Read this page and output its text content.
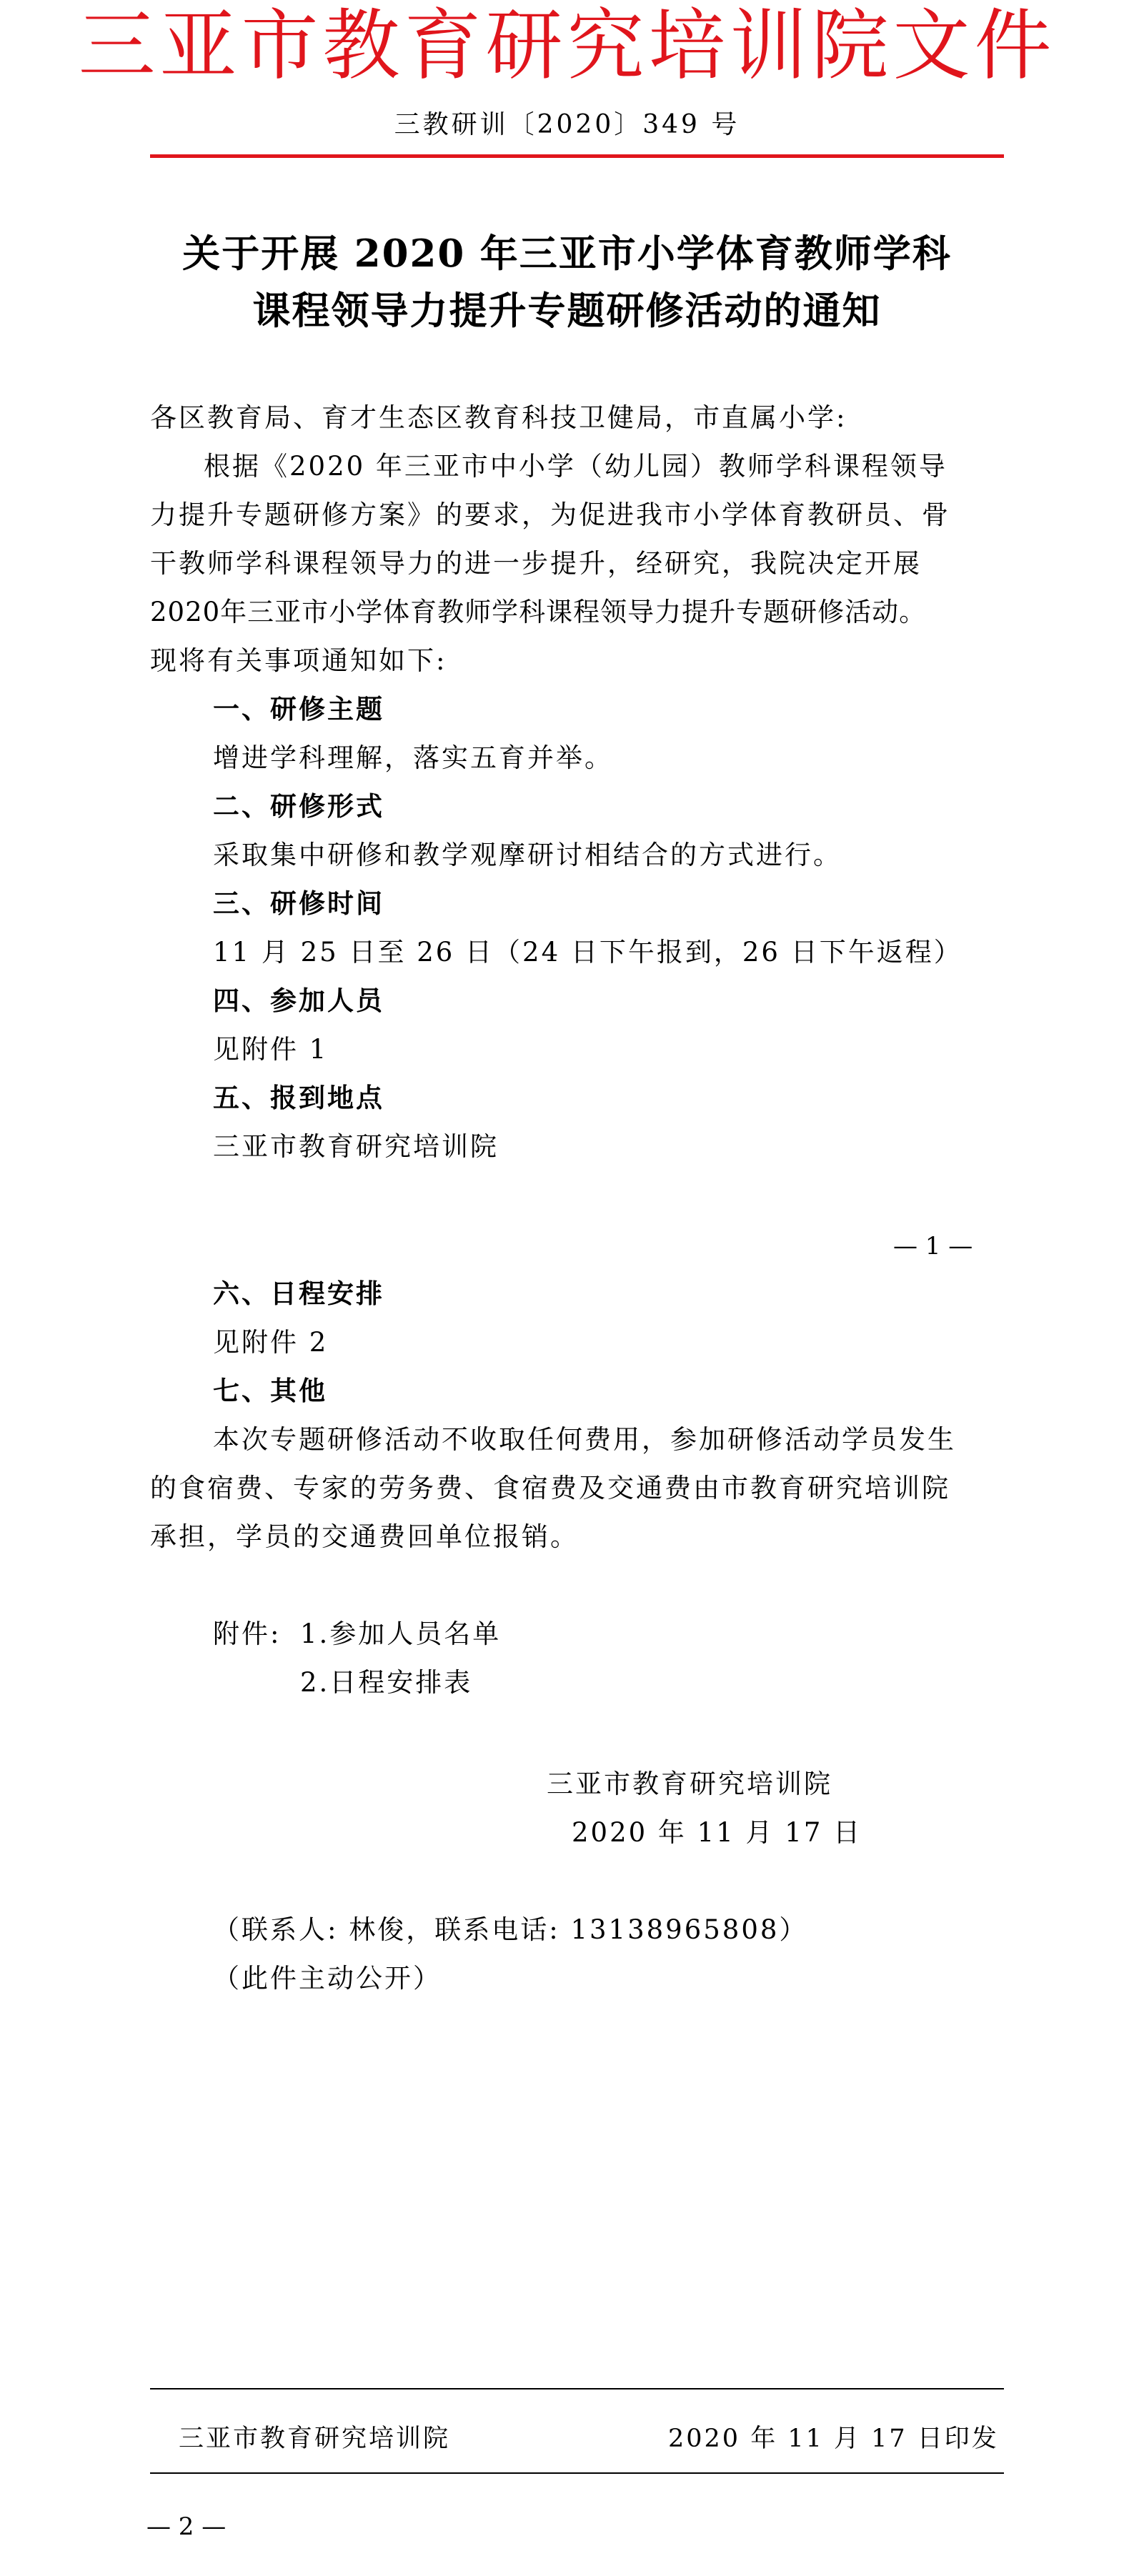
三亚市教育研究培训院文件
三教研训〔2020〕349 号
关于开展 2020 年三亚市小学体育教师学科
课程领导力提升专题研修活动的通知
各区教育局、育才生态区教育科技卫健局，市直属小学:
根据《2020 年三亚市中小学（幼儿园）教师学科课程领导
力提升专题研修方案》的要求，为促进我市小学体育教研员、骨
干教师学科课程领导力的进一步提升，经研究，我院决定开展
2020年三亚市小学体育教师学科课程领导力提升专题研修活动。
现将有关事项通知如下:
一、研修主题
增进学科理解，落实五育并举。
二、研修形式
采取集中研修和教学观摩研讨相结合的方式进行。
三、研修时间
11 月 25 日至 26 日（24 日下午报到，26 日下午返程）
四、参加人员
见附件 1
五、报到地点
三亚市教育研究培训院
— 1 —
六、日程安排
见附件 2
七、其他
本次专题研修活动不收取任何费用，参加研修活动学员发生
的食宿费、专家的劳务费、食宿费及交通费由市教育研究培训院
承担，学员的交通费回单位报销。
附件: 1.参加人员名单
2.日程安排表
三亚市教育研究培训院
2020 年 11 月 17 日
（联系人: 林俊，联系电话: 13138965808）
（此件主动公开）
三亚市教育研究培训院	2020 年 11 月 17 日印发
— 2 —
